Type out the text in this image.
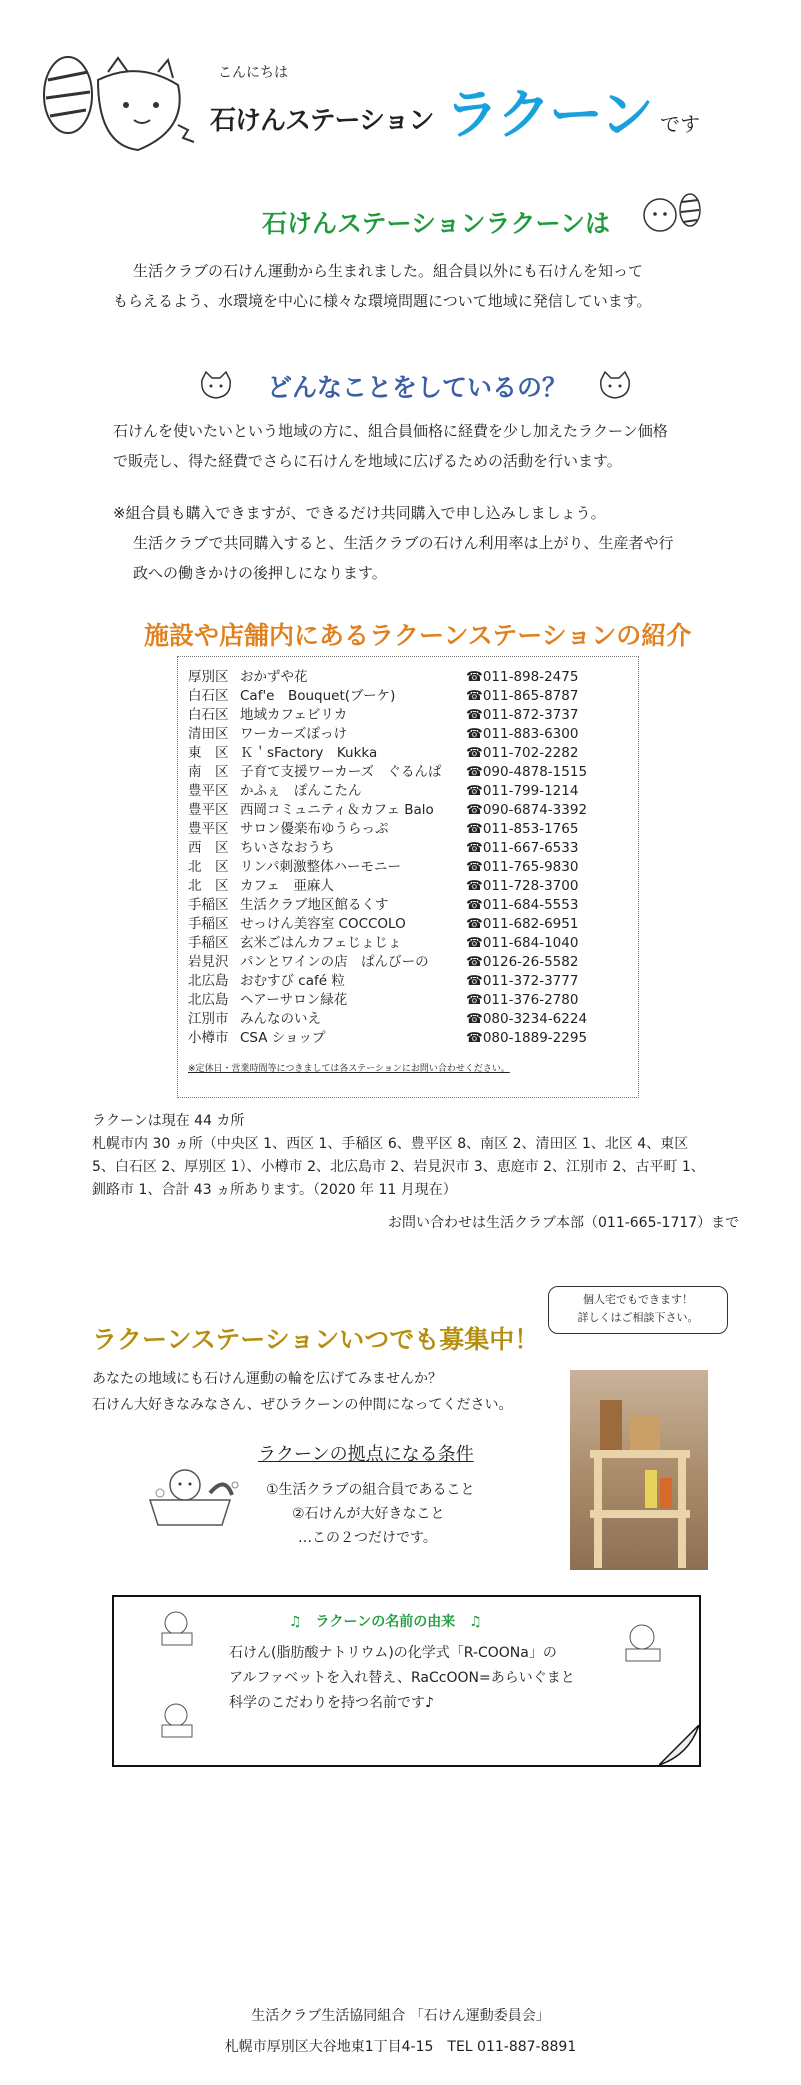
こんにちは
石けんステーション ラクーン です
石けんステーションラクーンは
生活クラブの石けん運動から生まれました。組合員以外にも石けんを知って
もらえるよう、水環境を中心に様々な環境問題について地域に発信しています。
どんなことをしているの？
石けんを使いたいという地域の方に、組合員価格に経費を少し加えたラクーン価格
で販売し、得た経費でさらに石けんを地域に広げるための活動を行います。
※組合員も購入できますが、できるだけ共同購入で申し込みしましょう。
生活クラブで共同購入すると、生活クラブの石けん利用率は上がり、生産者や行
政への働きかけの後押しになります。
施設や店舗内にあるラクーンステーションの紹介
厚別区 おかずや花	☎011-898-2475
白石区 Caf'e　Bouquet(ブーケ)	☎011-865-8787
白石区 地域カフェビリカ	☎011-872-3737
清田区 ワーカーズぽっけ	☎011-883-6300
東　区 Ｋ＇sFactory　Kukka	☎011-702-2282
南　区 子育て支援ワーカーズ　ぐるんぱ ☎090-4878-1515
豊平区 かふぇ　ぽんこたん	☎011-799-1214
豊平区 西岡コミュニティ＆カフェ Balo ☎090-6874-3392
豊平区 サロン優楽布ゆうらっぷ	☎011-853-1765
西　区 ちいさなおうち	☎011-667-6533
北　区 リンパ刺激整体ハーモニー	☎011-765-9830
北　区 カフェ　亜麻人	☎011-728-3700
手稲区 生活クラブ地区館るくす	☎011-684-5553
手稲区 せっけん美容室 COCCOLO	☎011-682-6951
手稲区 玄米ごはんカフェじょじょ	☎011-684-1040
岩見沢 パンとワインの店　ぱんびーの	☎0126-26-5582
北広島 おむすび café 粒	☎011-372-3777
北広島 ヘアーサロン緑花	☎011-376-2780
江別市 みんなのいえ	☎080-3234-6224
小樽市 CSA ショップ	☎080-1889-2295
※定休日・営業時間等につきましては各ステーションにお問い合わせください。
ラクーンは現在 44 カ所
札幌市内 30 ヵ所（中央区 1、西区 1、手稲区 6、豊平区 8、南区 2、清田区 1、北区 4、東区
5、白石区 2、厚別区 1）、小樽市 2、北広島市 2、岩見沢市 3、恵庭市 2、江別市 2、古平町 1、
釧路市 1、合計 43 ヵ所あります。（2020 年 11 月現在）
お問い合わせは生活クラブ本部（011-665-1717）まで
個人宅でもできます！
詳しくはご相談下さい。
ラクーンステーションいつでも募集中！
あなたの地域にも石けん運動の輪を広げてみませんか？
石けん大好きなみなさん、ぜひラクーンの仲間になってください。
ラクーンの拠点になる条件
①生活クラブの組合員であること
②石けんが大好きなこと
…この２つだけです。
♫　ラクーンの名前の由来　♫
石けん(脂肪酸ナトリウム)の化学式「R-COONa」の
アルファベットを入れ替え、RaCcOON=あらいぐまと
科学のこだわりを持つ名前です♪
生活クラブ生活協同組合 「石けん運動委員会」
札幌市厚別区大谷地東1丁目4-15　TEL 011-887-8891
